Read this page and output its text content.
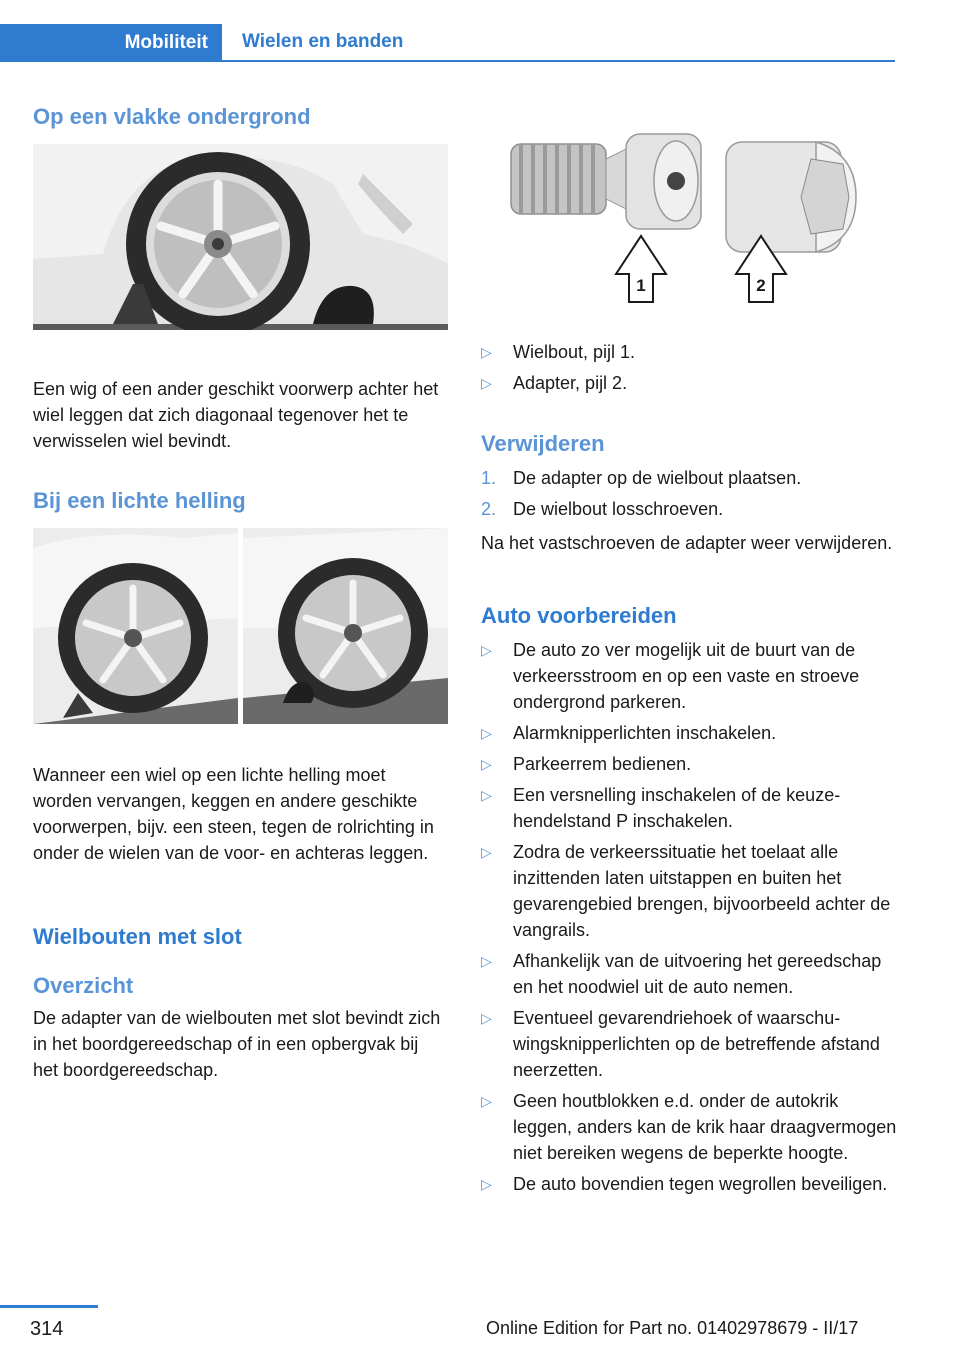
Mobiliteit	Wielen en banden
Op een vlakke ondergrond

Een wig of een ander geschikt voorwerp achter het wiel leggen dat zich diagonaal tegenover het te verwisselen wiel bevindt.

Bij een lichte helling

Wanneer een wiel op een lichte helling moet worden vervangen, keggen en andere geschikte voorwerpen, bijv. een steen, tegen de rolrichting in onder de wielen van de voor- en achteras leggen.

Wielbouten met slot
Overzicht

De adapter van de wielbouten met slot bevindt zich in het boordgereedschap of in een opbergvak bij het boordgereedschap.

1	2
▷	Wielbout, pijl 1.
▷	Adapter, pijl 2.
Verwijderen
1. De adapter op de wielbout plaatsen.
2. De wielbout losschroeven.

Na het vastschroeven de adapter weer verwijderen.

Auto voorbereiden
▷	De auto zo ver mogelijk uit de buurt van de verkeersstroom en op een vaste en stroeve ondergrond parkeren.
▷	Alarmknipperlichten inschakelen.
▷	Parkeerrem bedienen.
▷	Een versnelling inschakelen of de keuzehendelstand P inschakelen.
▷	Zodra de verkeerssituatie het toelaat alle inzittenden laten uitstappen en buiten het gevarengebied brengen, bijvoorbeeld achter de vangrails.
▷	Afhankelijk van de uitvoering het gereedschap en het noodwiel uit de auto nemen.
▷	Eventueel gevarendriehoek of waarschuwingsknipperlichten op de betreffende afstand neerzetten.
▷	Geen houtblokken e.d. onder de autokrik leggen, anders kan de krik haar draagvermogen niet bereiken wegens de beperkte hoogte.
▷	De auto bovendien tegen wegrollen beveiligen.
314	Online Edition for Part no. 01402978679 - II/17
